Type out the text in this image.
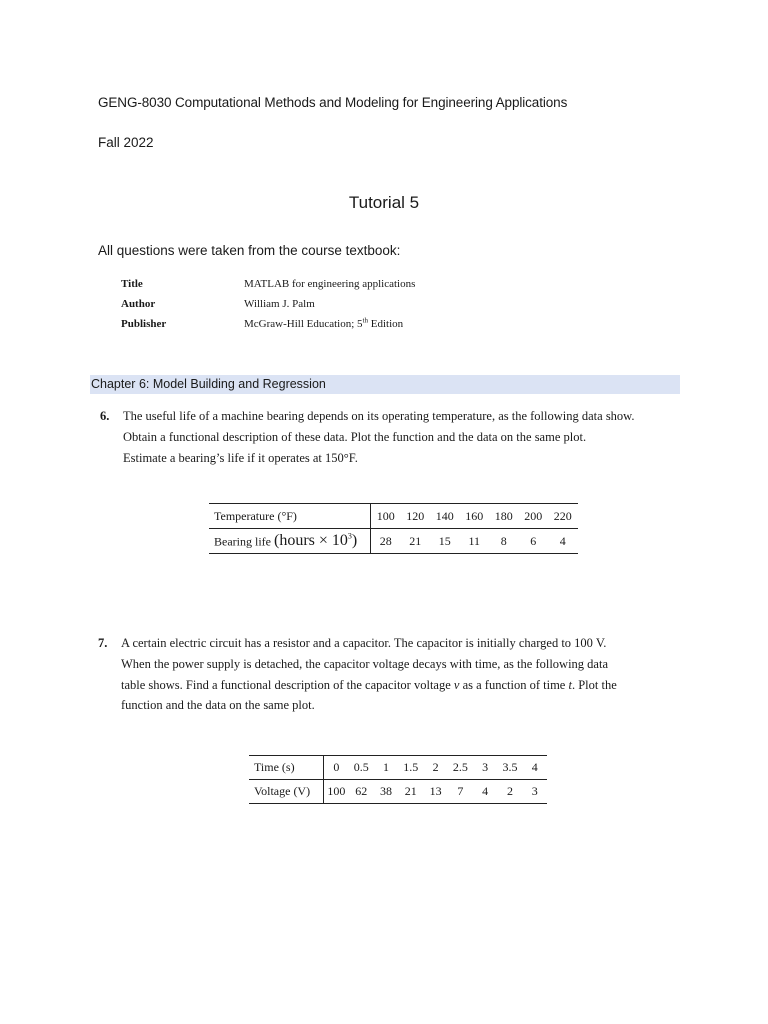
GENG-8030 Computational Methods and Modeling for Engineering Applications
Fall 2022
Tutorial 5
All questions were taken from the course textbook:
Title	MATLAB for engineering applications
Author	William J. Palm
Publisher	McGraw-Hill Education; 5th Edition
Chapter 6: Model Building and Regression
6. The useful life of a machine bearing depends on its operating temperature, as the following data show.
Obtain a functional description of these data. Plot the function and the data on the same plot.
Estimate a bearing’s life if it operates at 150°F.
Temperature (°F)	100	120	140	160	180	200	220
Bearing life (hours × $10^3$)	28	21	15	11	8	6	4
7. A certain electric circuit has a resistor and a capacitor. The capacitor is initially charged to 100 V.
When the power supply is detached, the capacitor voltage decays with time, as the following data
table shows. Find a functional description of the capacitor voltage v as a function of time t. Plot the
function and the data on the same plot.
Time (s)	0	0.5	1	1.5	2	2.5	3	3.5	4
Voltage (V)	100	62	38	21	13	7	4	2	3
